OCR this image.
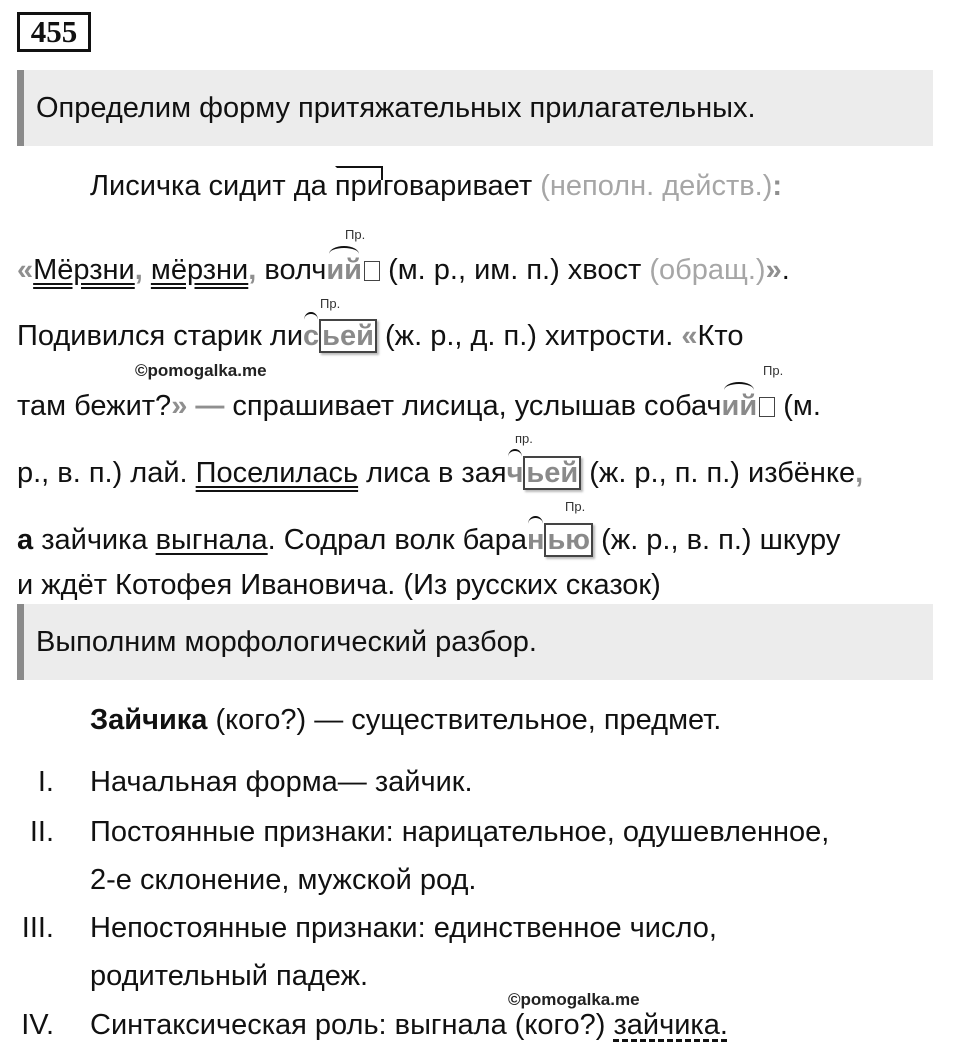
455
Определим форму притяжательных прилагательных.
Лисичка сидит да приговаривает (неполн. действ.):
Пр.
«Мёрзни, мёрзни, волчий (м. р., им. п.) хвост (обращ.)».
Пр.
Подивился старик лис ьей (ж. р., д. п.) хитрости. «Кто
©pomogalka.me	Пр.
там бежит?» — спрашивает лисица, услышав собачий (м.
пр.
р., в. п.) лай. Поселилась лиса в заяч ьей (ж. р., п. п.) избёнке,
Пр.
а зайчика выгнала. Содрал волк баран ью (ж. р., в. п.) шкуру
и ждёт Котофея Ивановича. (Из русских сказок)
Выполним морфологический разбор.
Зайчика (кого?) — существительное, предмет.
I. Начальная форма— зайчик.
II. Постоянные признаки: нарицательное, одушевленное,
2-е склонение, мужской род.
III. Непостоянные признаки: единственное число,
родительный падеж.
©pomogalka.me
IV. Синтаксическая роль: выгнала (кого?) зайчика.
